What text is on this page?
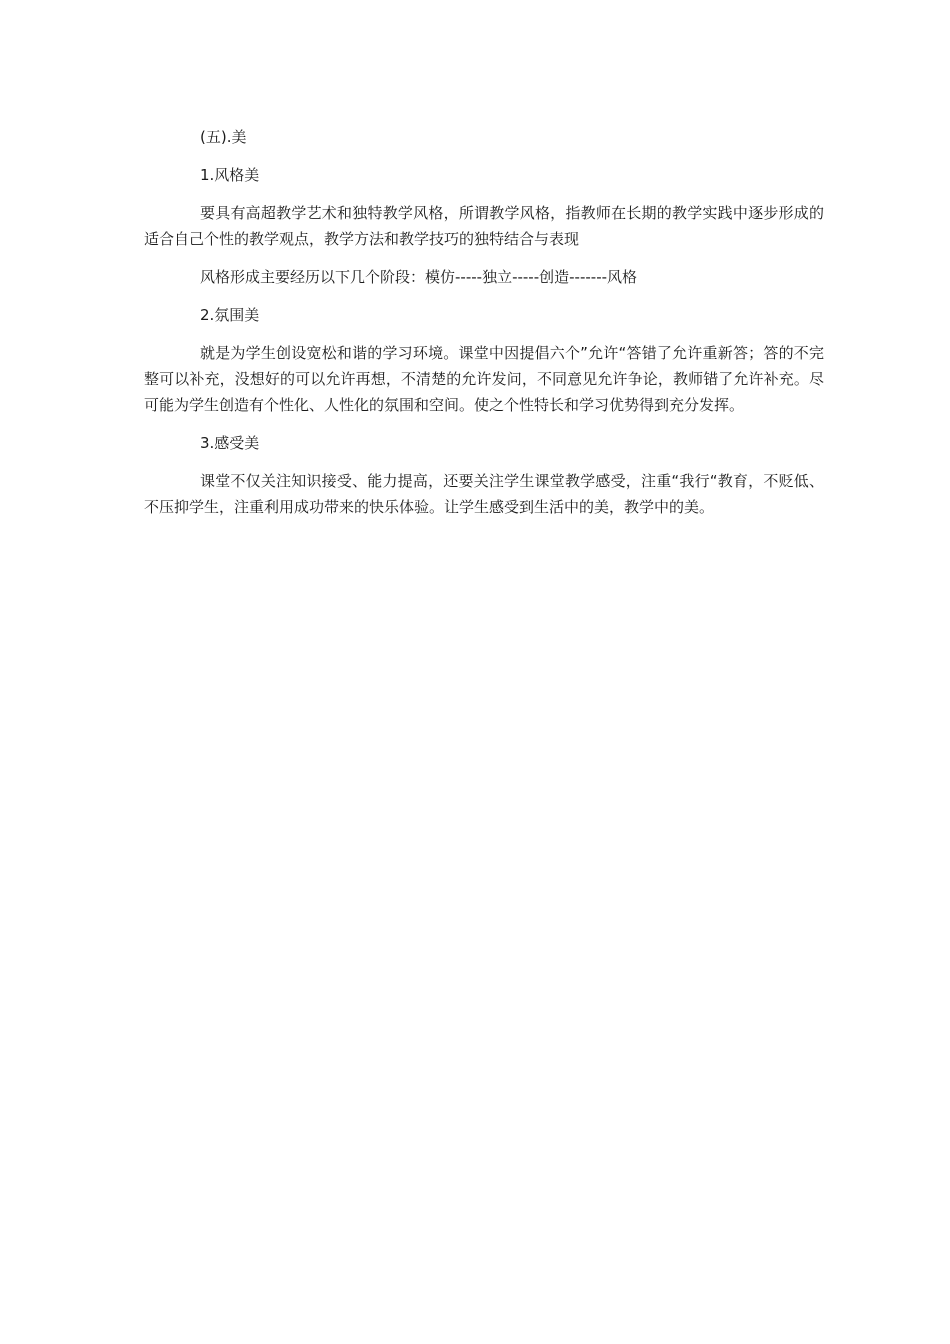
(五).美

1.风格美

要具有高超教学艺术和独特教学风格，所谓教学风格，指教师在长期的教学实践中逐步形成的适合自己个性的教学观点，教学方法和教学技巧的独特结合与表现

风格形成主要经历以下几个阶段：模仿-----独立-----创造-------风格

2.氛围美

就是为学生创设宽松和谐的学习环境。课堂中因提倡六个”允许“答错了允许重新答；答的不完整可以补充，没想好的可以允许再想，不清楚的允许发问，不同意见允许争论，教师错了允许补充。尽可能为学生创造有个性化、人性化的氛围和空间。使之个性特长和学习优势得到充分发挥。

3.感受美

课堂不仅关注知识接受、能力提高，还要关注学生课堂教学感受，注重“我行“教育，不贬低、不压抑学生，注重利用成功带来的快乐体验。让学生感受到生活中的美，教学中的美。
